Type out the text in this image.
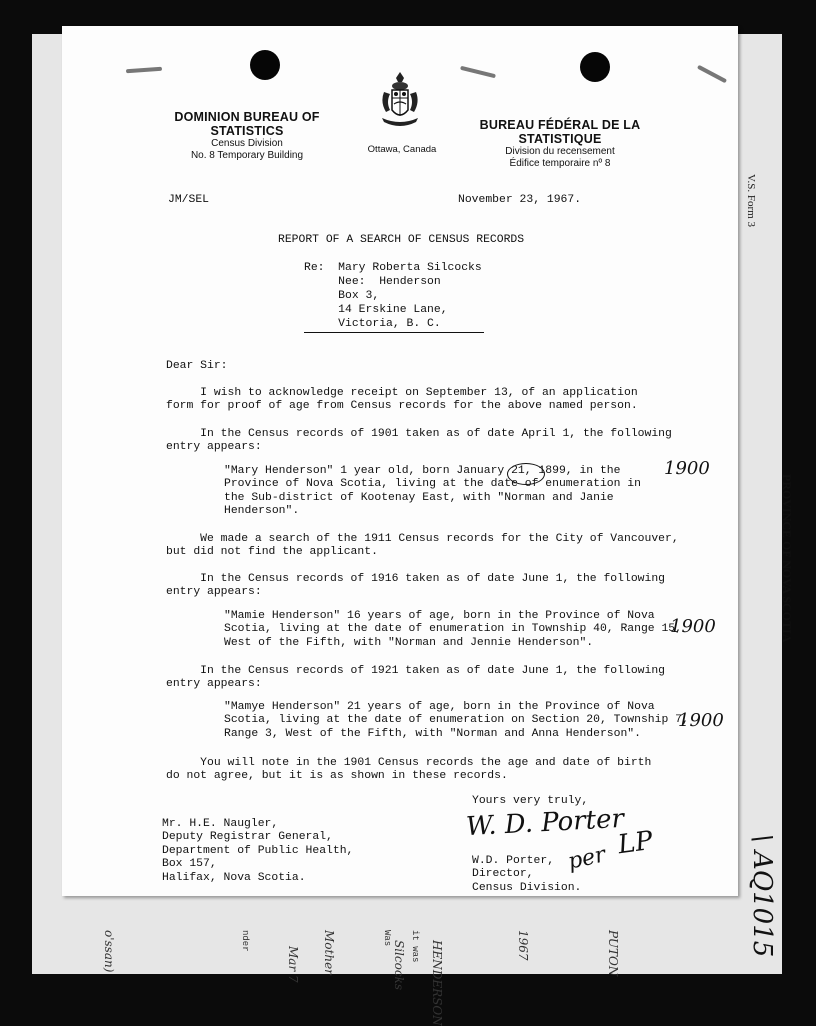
V.S. Form 3
PROVINCE OF NOVA SCOTIA
\ AQ1015
o'ssan)	nder	Mother
Mar 7
Was it was
Silcocks HENDERSON	1967	PUTON
DOMINION BUREAU OF STATISTICS
Census Division
No. 8 Temporary Building
Ottawa, Canada
BUREAU FÉDÉRAL DE LA STATISTIQUE
Division du recensement
Édifice temporaire nº 8
JM/SEL	November 23, 1967.
REPORT OF A SEARCH OF CENSUS RECORDS
Re:  Mary Roberta Silcocks
Nee:  Henderson
Box 3,
14 Erskine Lane,
Victoria, B. C.
Dear Sir:
I wish to acknowledge receipt on September 13, of an application
form for proof of age from Census records for the above named person.
In the Census records of 1901 taken as of date April 1, the following
entry appears:
"Mary Henderson" 1 year old, born January 21, 1899, in the
Province of Nova Scotia, living at the date of enumeration in
the Sub-district of Kootenay East, with "Norman and Janie
Henderson".
We made a search of the 1911 Census records for the City of Vancouver,
but did not find the applicant.
In the Census records of 1916 taken as of date June 1, the following
entry appears:
"Mamie Henderson" 16 years of age, born in the Province of Nova
Scotia, living at the date of enumeration in Township 40, Range 15,
West of the Fifth, with "Norman and Jennie Henderson".
In the Census records of 1921 taken as of date June 1, the following
entry appears:
"Mamye Henderson" 21 years of age, born in the Province of Nova
Scotia, living at the date of enumeration on Section 20, Township 7,
Range 3, West of the Fifth, with "Norman and Anna Henderson".
You will note in the 1901 Census records the age and date of birth
do not agree, but it is as shown in these records.
Yours very truly,
Mr. H.E. Naugler,
Deputy Registrar General,
Department of Public Health,
Box 157,
Halifax, Nova Scotia.
W.D. Porter,
Director,
Census Division.
W. D. Porter
per LP
1900
1900
1900
